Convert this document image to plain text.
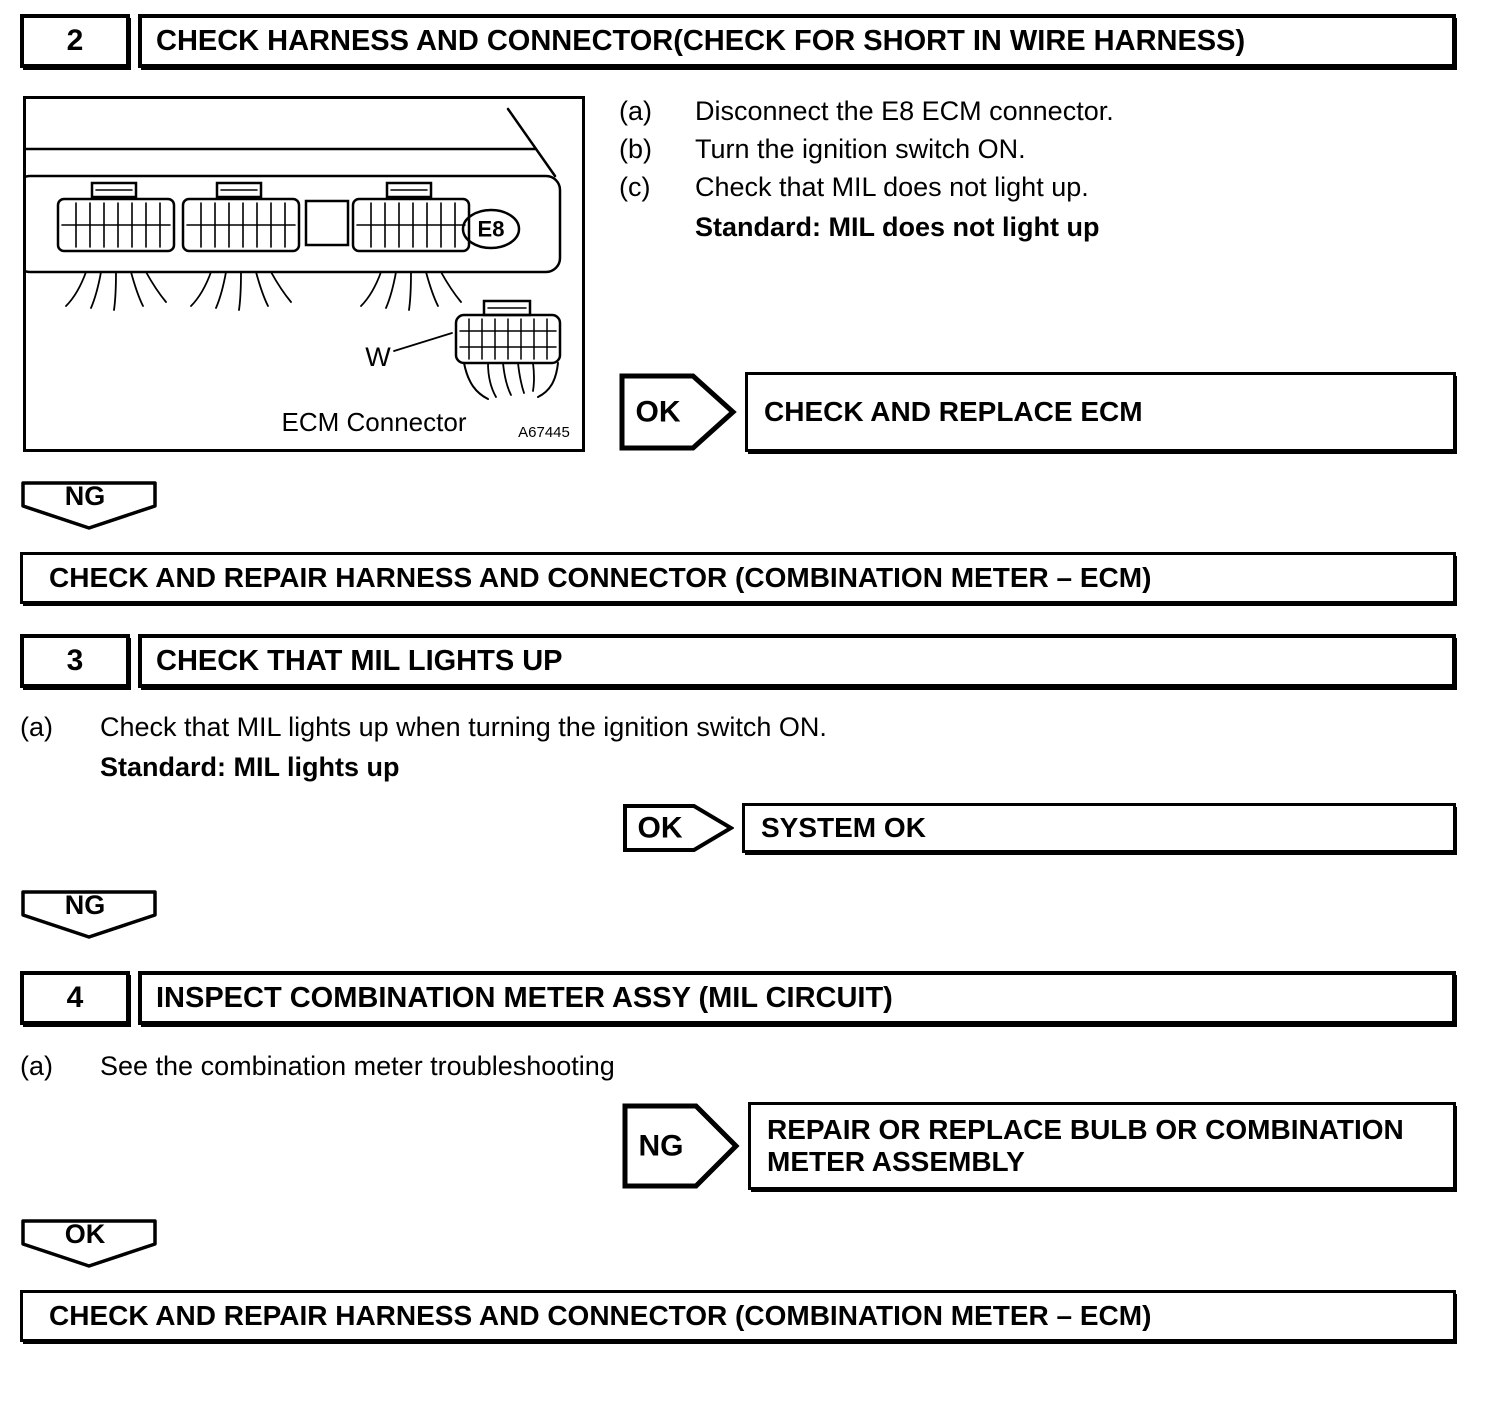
2	CHECK HARNESS AND CONNECTOR(CHECK FOR SHORT IN WIRE HARNESS)
E8
W
ECM Connector	A67445
(a)	Disconnect the E8 ECM connector.
(b)	Turn the ignition switch ON.
(c)	Check that MIL does not light up.
Standard: MIL does not light up
OK	CHECK AND REPLACE ECM
NG
CHECK AND REPAIR HARNESS AND CONNECTOR (COMBINATION METER – ECM)
3	CHECK THAT MIL LIGHTS UP
(a)	Check that MIL lights up when turning the ignition switch ON.
Standard: MIL lights up
OK	SYSTEM OK
NG
4	INSPECT COMBINATION METER ASSY (MIL CIRCUIT)
(a)	See the combination meter troubleshooting
NG
REPAIR OR REPLACE BULB OR COMBINATION METER ASSEMBLY
OK
CHECK AND REPAIR HARNESS AND CONNECTOR (COMBINATION METER – ECM)
